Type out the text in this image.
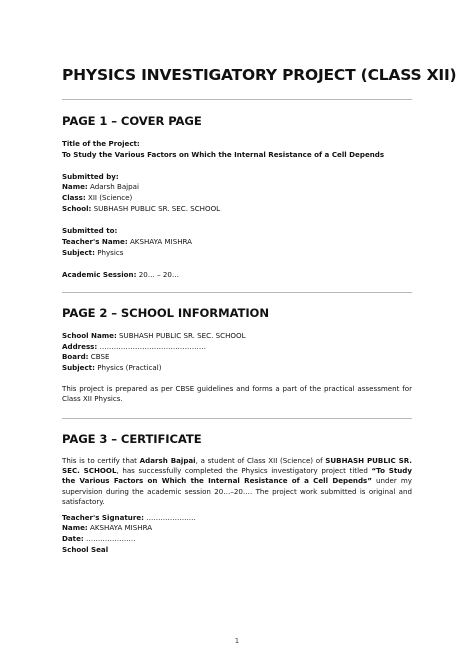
PHYSICS INVESTIGATORY PROJECT (CLASS XII)
PAGE 1 – COVER PAGE
Title of the Project:
To Study the Various Factors on Which the Internal Resistance of a Cell Depends
Submitted by:
Name: Adarsh Bajpai
Class: XII (Science)
School: SUBHASH PUBLIC SR. SEC. SCHOOL
Submitted to:
Teacher's Name: AKSHAYA MISHRA
Subject: Physics
Academic Session: 20… – 20…
PAGE 2 – SCHOOL INFORMATION
School Name: SUBHASH PUBLIC SR. SEC. SCHOOL
Address: ………………………………………
Board: CBSE
Subject: Physics (Practical)
This project is prepared as per CBSE guidelines and forms a part of the practical assessment for Class XII Physics.
PAGE 3 – CERTIFICATE
This is to certify that Adarsh Bajpai, a student of Class XII (Science) of SUBHASH PUBLIC SR. SEC. SCHOOL, has successfully completed the Physics investigatory project titled “To Study the Various Factors on Which the Internal Resistance of a Cell Depends” under my supervision during the academic session 20…–20…. The project work submitted is original and satisfactory.
Teacher's Signature: …………………
Name: AKSHAYA MISHRA
Date: …………………
School Seal
1
